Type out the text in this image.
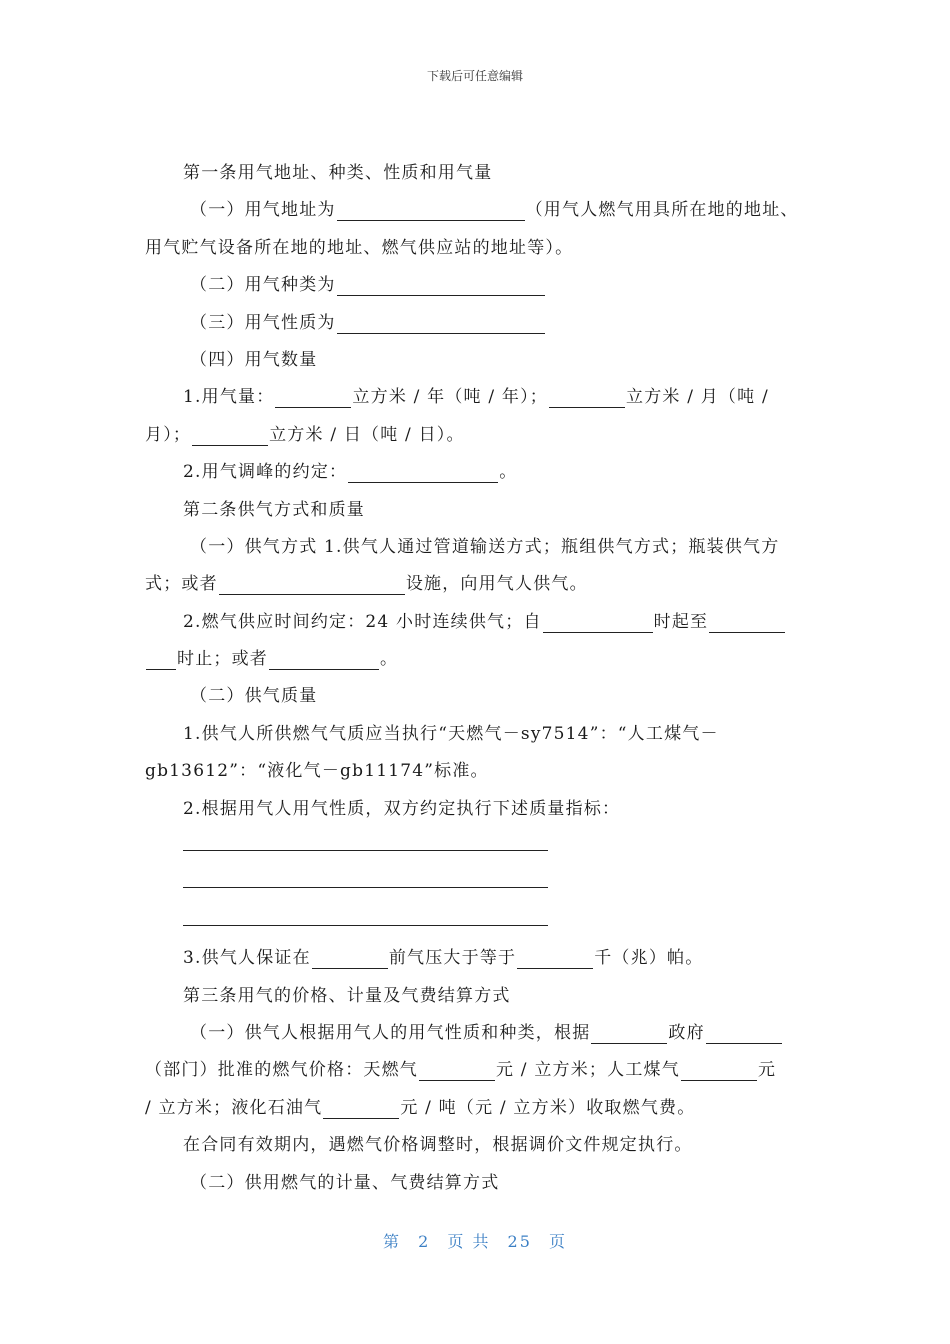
下载后可任意编辑
第一条用气地址、种类、性质和用气量
（一）用气地址为	（用气人燃气用具所在地的地址、
用气贮气设备所在地的地址、燃气供应站的地址等）。
（二）用气种类为
（三）用气性质为
（四）用气数量
1.用气量：	立方米 / 年（吨 / 年）；	立方米 / 月（吨 /
月）；	立方米 / 日（吨 / 日）。
2.用气调峰的约定：	。
第二条供气方式和质量
（一）供气方式 1.供气人通过管道输送方式；瓶组供气方式；瓶装供气方
式；或者	设施，向用气人供气。
2.燃气供应时间约定：24 小时连续供气；自	时起至
时止；或者	。
（二）供气质量
1.供气人所供燃气气质应当执行“天燃气－sy7514”：“人工煤气－
gb13612”：“液化气－gb11174”标准。
2.根据用气人用气性质，双方约定执行下述质量指标：
3.供气人保证在	前气压大于等于	千（兆）帕。
第三条用气的价格、计量及气费结算方式
（一）供气人根据用气人的用气性质和种类，根据	政府
（部门）批准的燃气价格：天燃气	元 / 立方米；人工煤气	元
/ 立方米；液化石油气	元 / 吨（元 / 立方米）收取燃气费。
在合同有效期内，遇燃气价格调整时，根据调价文件规定执行。
（二）供用燃气的计量、气费结算方式
第 2 页 共 25 页
